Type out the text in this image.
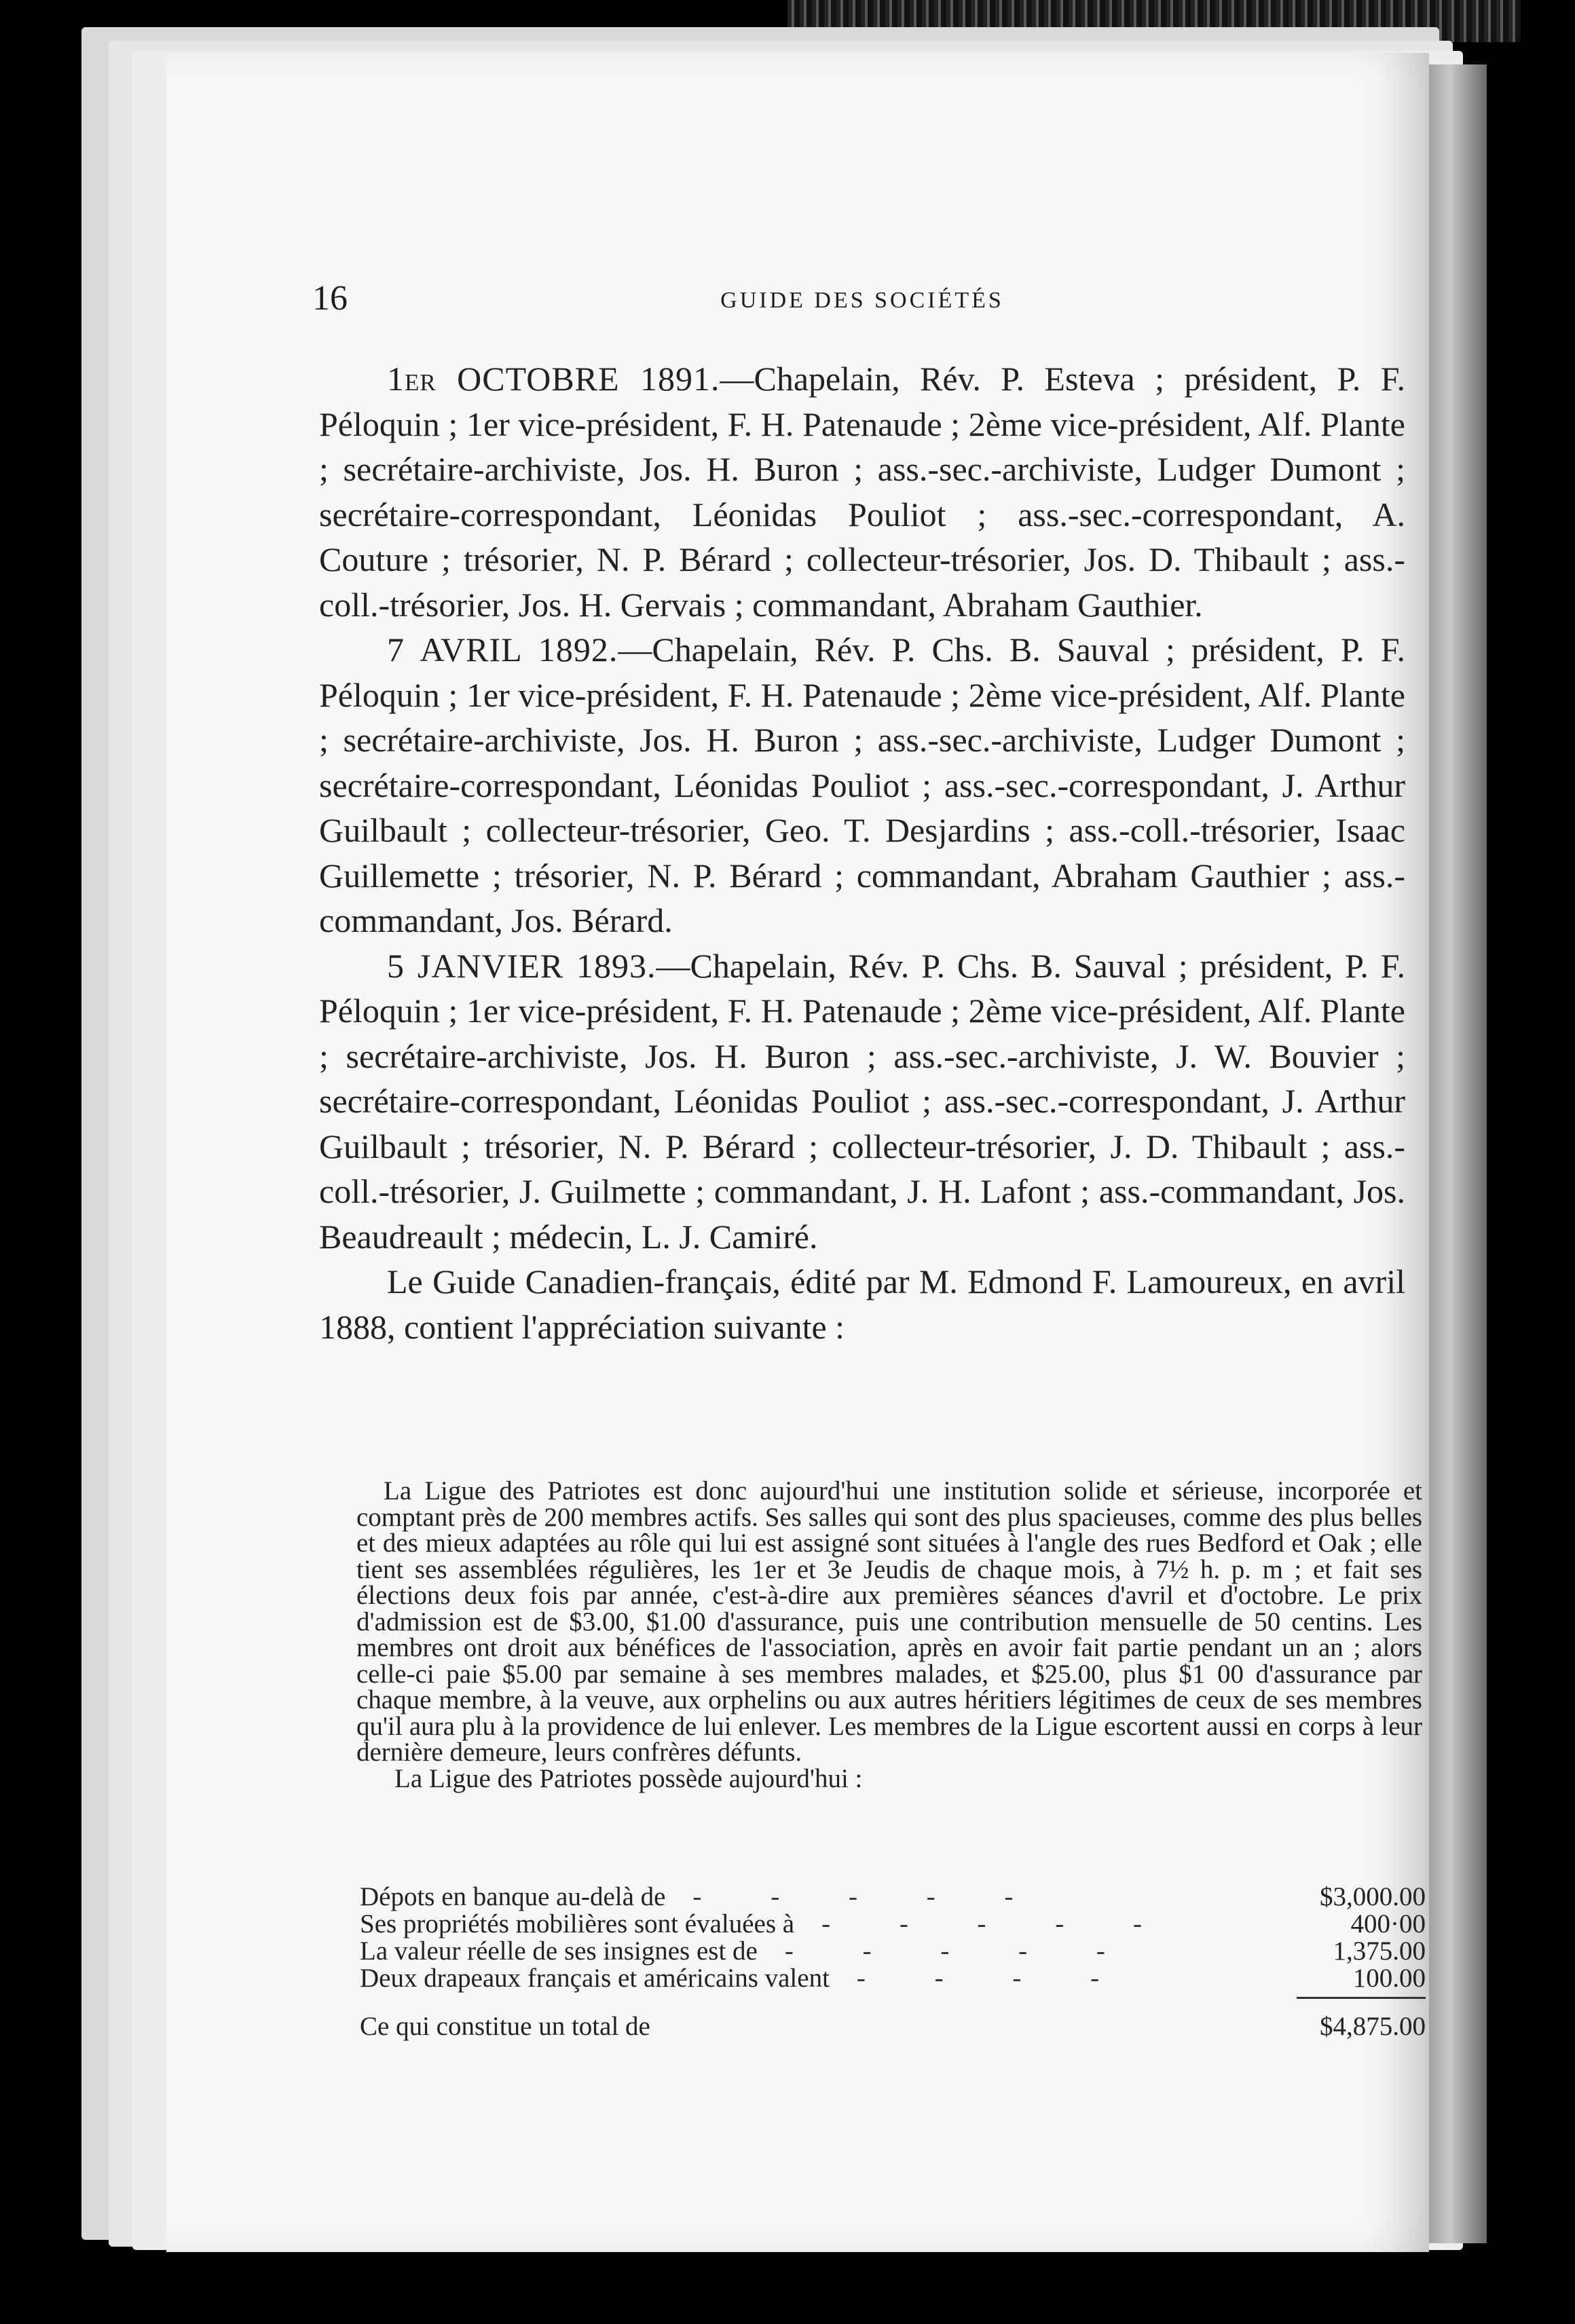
16	GUIDE DES SOCIÉTÉS

1er OCTOBRE 1891.—Chapelain, Rév. P. Esteva ; président, P. F. Péloquin ; 1er vice-président, F. H. Patenaude ; 2ème vice-président, Alf. Plante ; secrétaire-archiviste, Jos. H. Buron ; ass.-sec.-archiviste, Ludger Dumont ; secrétaire-correspondant, Léonidas Pouliot ; ass.-sec.-correspondant, A. Couture ; trésorier, N. P. Bérard ; collecteur-trésorier, Jos. D. Thibault ; ass.-coll.-trésorier, Jos. H. Gervais ; commandant, Abraham Gauthier.

7 AVRIL 1892.—Chapelain, Rév. P. Chs. B. Sauval ; président, P. F. Péloquin ; 1er vice-président, F. H. Patenaude ; 2ème vice-président, Alf. Plante ; secrétaire-archiviste, Jos. H. Buron ; ass.-sec.-archiviste, Ludger Dumont ; secrétaire-correspondant, Léonidas Pouliot ; ass.-sec.-correspondant, J. Arthur Guilbault ; collecteur-trésorier, Geo. T. Desjardins ; ass.-coll.-trésorier, Isaac Guillemette ; trésorier, N. P. Bérard ; commandant, Abraham Gauthier ; ass.-commandant, Jos. Bérard.

5 JANVIER 1893.—Chapelain, Rév. P. Chs. B. Sauval ; président, P. F. Péloquin ; 1er vice-président, F. H. Patenaude ; 2ème vice-président, Alf. Plante ; secrétaire-archiviste, Jos. H. Buron ; ass.-sec.-archiviste, J. W. Bouvier ; secrétaire-correspondant, Léonidas Pouliot ; ass.-sec.-correspondant, J. Arthur Guilbault ; trésorier, N. P. Bérard ; collecteur-trésorier, J. D. Thibault ; ass.-coll.-trésorier, J. Guilmette ; commandant, J. H. Lafont ; ass.-commandant, Jos. Beaudreault ; médecin, L. J. Camiré.

Le Guide Canadien-français, édité par M. Edmond F. Lamoureux, en avril 1888, contient l'appréciation suivante :

La Ligue des Patriotes est donc aujourd'hui une institution solide et sérieuse, incorporée et comptant près de 200 membres actifs. Ses salles qui sont des plus spacieuses, comme des plus belles et des mieux adaptées au rôle qui lui est assigné sont situées à l'angle des rues Bedford et Oak ; elle tient ses assemblées régulières, les 1er et 3e Jeudis de chaque mois, à 7½ h. p. m ; et fait ses élections deux fois par année, c'est-à-dire aux premières séances d'avril et d'octobre. Le prix d'admission est de $3.00, $1.00 d'assurance, puis une contribution mensuelle de 50 centins. Les membres ont droit aux bénéfices de l'association, après en avoir fait partie pendant un an ; alors celle-ci paie $5.00 par semaine à ses membres malades, et $25.00, plus $1 00 d'assurance par chaque membre, à la veuve, aux orphelins ou aux autres héritiers légitimes de ceux de ses membres qu'il aura plu à la providence de lui enlever. Les membres de la Ligue escortent aussi en corps à leur dernière demeure, leurs confrères défunts.

La Ligue des Patriotes possède aujourd'hui :

Dépots en banque au-delà de	- - - - -	$3,000.00
Ses propriétés mobilières sont évaluées à	- - - - -	400·00
La valeur réelle de ses insignes est de	- - - - -	1,375.00
Deux drapeaux français et américains valent	- - - -	100.00
Ce qui constitue un total de	$4,875.00
